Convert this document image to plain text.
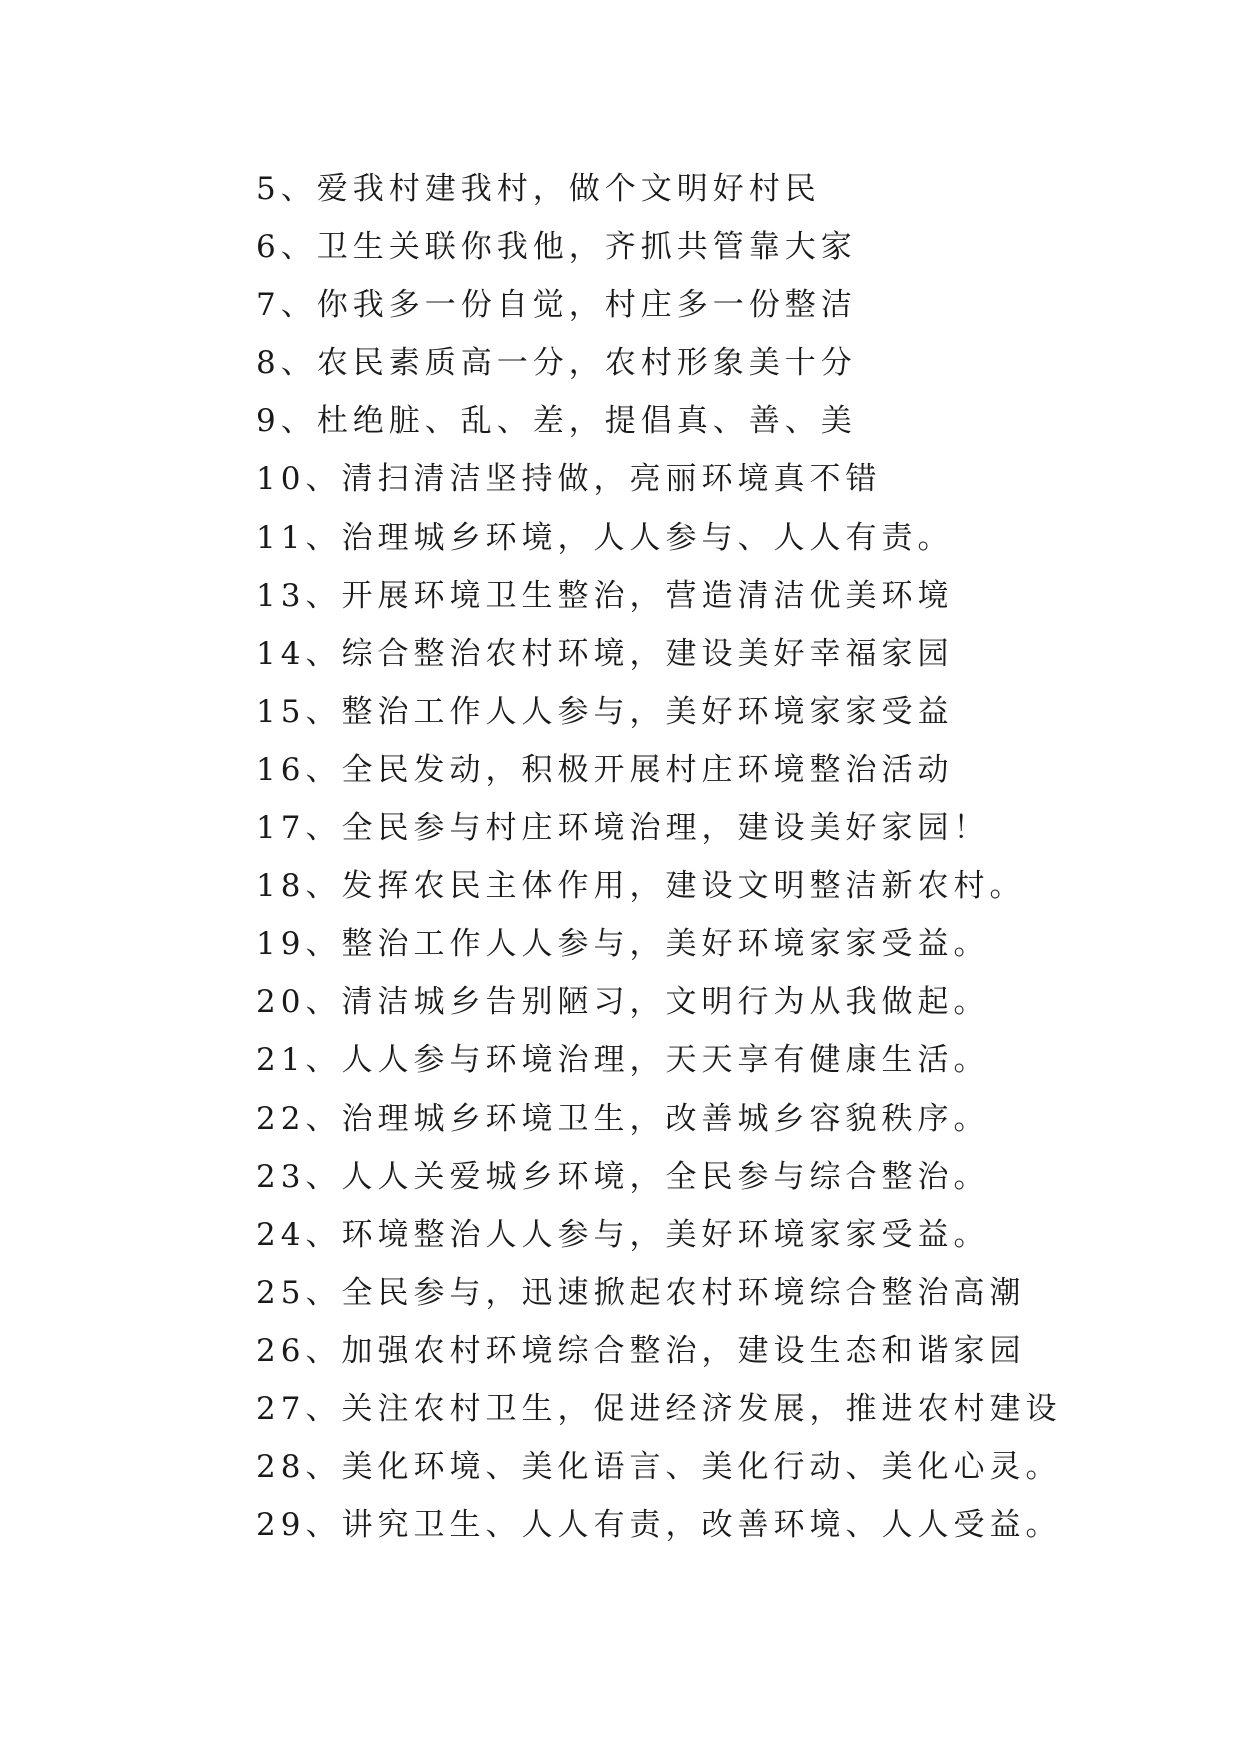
5、爱我村建我村，做个文明好村民
6、卫生关联你我他，齐抓共管靠大家
7、你我多一份自觉，村庄多一份整洁
8、农民素质高一分，农村形象美十分
9、杜绝脏、乱、差，提倡真、善、美
10、清扫清洁坚持做，亮丽环境真不错
11、治理城乡环境，人人参与、人人有责。
13、开展环境卫生整治，营造清洁优美环境
14、综合整治农村环境，建设美好幸福家园
15、整治工作人人参与，美好环境家家受益
16、全民发动，积极开展村庄环境整治活动
17、全民参与村庄环境治理，建设美好家园！
18、发挥农民主体作用，建设文明整洁新农村。
19、整治工作人人参与，美好环境家家受益。
20、清洁城乡告别陋习，文明行为从我做起。
21、人人参与环境治理，天天享有健康生活。
22、治理城乡环境卫生，改善城乡容貌秩序。
23、人人关爱城乡环境，全民参与综合整治。
24、环境整治人人参与，美好环境家家受益。
25、全民参与，迅速掀起农村环境综合整治高潮
26、加强农村环境综合整治，建设生态和谐家园
27、关注农村卫生，促进经济发展，推进农村建设
28、美化环境、美化语言、美化行动、美化心灵。
29、讲究卫生、人人有责，改善环境、人人受益。
